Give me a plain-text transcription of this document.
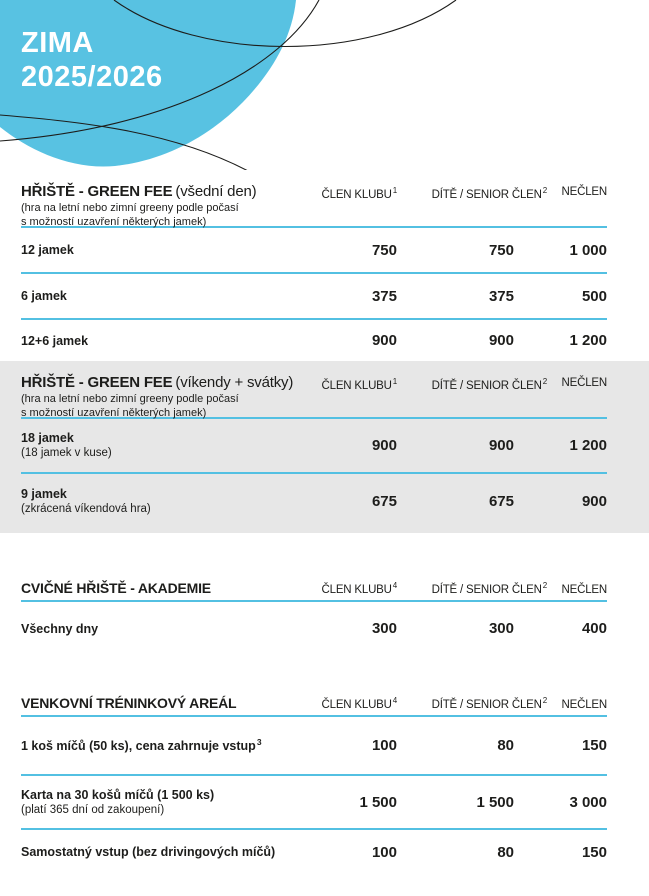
ZIMA
2025/2026
HŘIŠTĚ - GREEN FEE (všední den)
(hra na letní nebo zimní greeny podle počasí
s možností uzavření některých jamek)
ČLEN KLUBU$^1$	DÍTĚ / SENIOR ČLEN$^2$	NEČLEN
12 jamek	750	750	1 000
6 jamek	375	375	500
12+6 jamek	900	900	1 200
HŘIŠTĚ - GREEN FEE (víkendy + svátky)
(hra na letní nebo zimní greeny podle počasí
s možností uzavření některých jamek)
ČLEN KLUBU$^1$	DÍTĚ / SENIOR ČLEN$^2$	NEČLEN
18 jamek
(18 jamek v kuse)	900	900	1 200
9 jamek
(zkrácená víkendová hra)	675	675	900
CVIČNÉ HŘIŠTĚ - AKADEMIE	ČLEN KLUBU$^4$	DÍTĚ / SENIOR ČLEN$^2$	NEČLEN
Všechny dny	300	300	400
VENKOVNÍ TRÉNINKOVÝ AREÁL	ČLEN KLUBU$^4$	DÍTĚ / SENIOR ČLEN$^2$	NEČLEN
1 koš míčů (50 ks), cena zahrnuje vstup$^3$	100	80	150
Karta na 30 košů míčů (1 500 ks)
(platí 365 dní od zakoupení)	1 500	1 500	3 000
Samostatný vstup (bez drivingových míčů)	100	80	150
